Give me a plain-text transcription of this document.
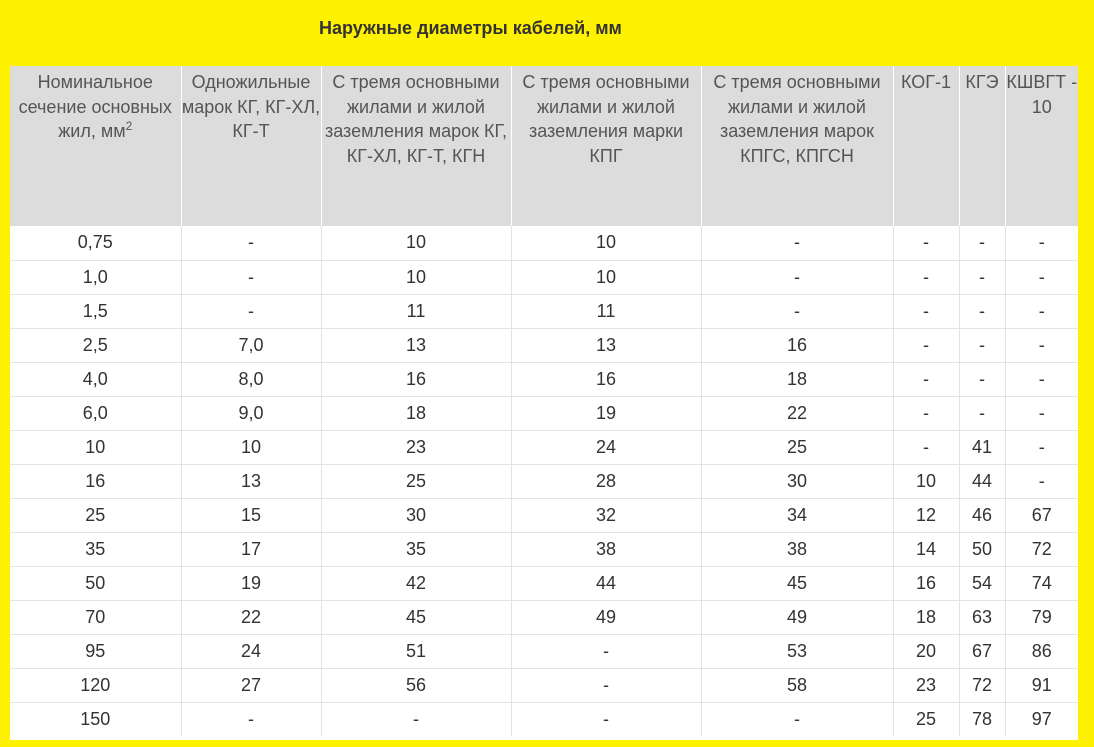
Наружные диаметры кабелей, мм
Номинальное сечение основных жил, $мм^2$	Одножильные марок КГ, КГ-ХЛ, КГ-Т	С тремя основными жилами и жилой заземления марок КГ, КГ-ХЛ, КГ-Т, КГН	С тремя основными жилами и жилой заземления марки КПГ	С тремя основными жилами и жилой заземления марок КПГС, КПГСН	КОГ-1	КГЭ	КШВГТ - 10
0,75	-	10	10	-	-	-	-
1,0	-	10	10	-	-	-	-
1,5	-	11	11	-	-	-	-
2,5	7,0	13	13	16	-	-	-
4,0	8,0	16	16	18	-	-	-
6,0	9,0	18	19	22	-	-	-
10	10	23	24	25	-	41	-
16	13	25	28	30	10	44	-
25	15	30	32	34	12	46	67
35	17	35	38	38	14	50	72
50	19	42	44	45	16	54	74
70	22	45	49	49	18	63	79
95	24	51	-	53	20	67	86
120	27	56	-	58	23	72	91
150	-	-	-	-	25	78	97
